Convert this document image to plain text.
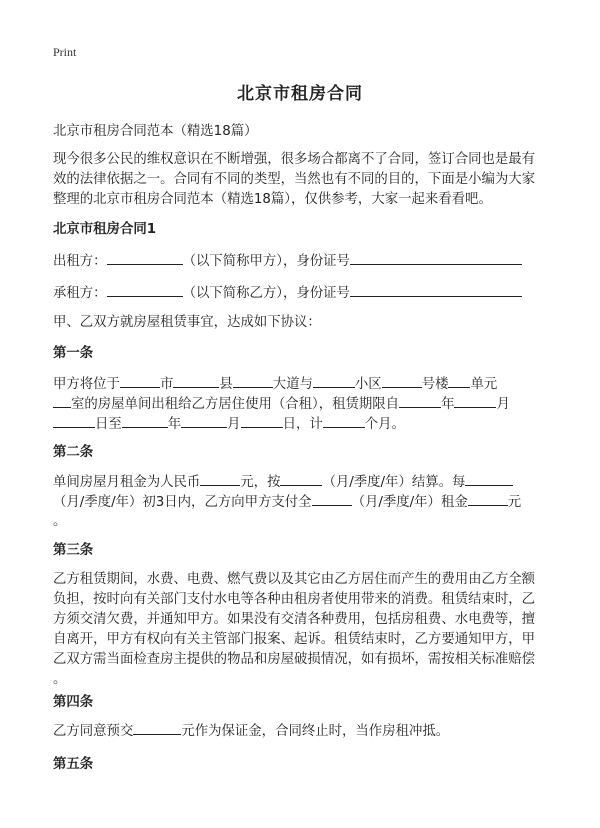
Print
北京市租房合同
北京市租房合同范本（精选18篇）
现今很多公民的维权意识在不断增强，很多场合都离不了合同，签订合同也是最有
效的法律依据之一。合同有不同的类型，当然也有不同的目的，下面是小编为大家
整理的北京市租房合同范本（精选18篇），仅供参考，大家一起来看看吧。
北京市租房合同1
出租方：	（以下简称甲方），身份证号
承租方：	（以下简称乙方），身份证号
甲、乙双方就房屋租赁事宜，达成如下协议：
第一条
甲方将位于	市	县	大道与	小区	号楼 单元
室的房屋单间出租给乙方居住使用（合租），租赁期限自	年	月
日至	年	月	日，计	个月。
第二条
单间房屋月租金为人民币	元，按	（月/季度/年）结算。每
（月/季度/年）初3日内，乙方向甲方支付全	（月/季度/年）租金	元
。
第三条
乙方租赁期间，水费、电费、燃气费以及其它由乙方居住而产生的费用由乙方全额
负担，按时向有关部门支付水电等各种由租房者使用带来的消费。租赁结束时，乙
方须交清欠费，并通知甲方。如果没有交清各种费用，包括房租费、水电费等，擅
自离开，甲方有权向有关主管部门报案、起诉。租赁结束时，乙方要通知甲方，甲
乙双方需当面检查房主提供的物品和房屋破损情况，如有损坏，需按相关标准赔偿
。
第四条
乙方同意预交	元作为保证金，合同终止时，当作房租冲抵。
第五条
